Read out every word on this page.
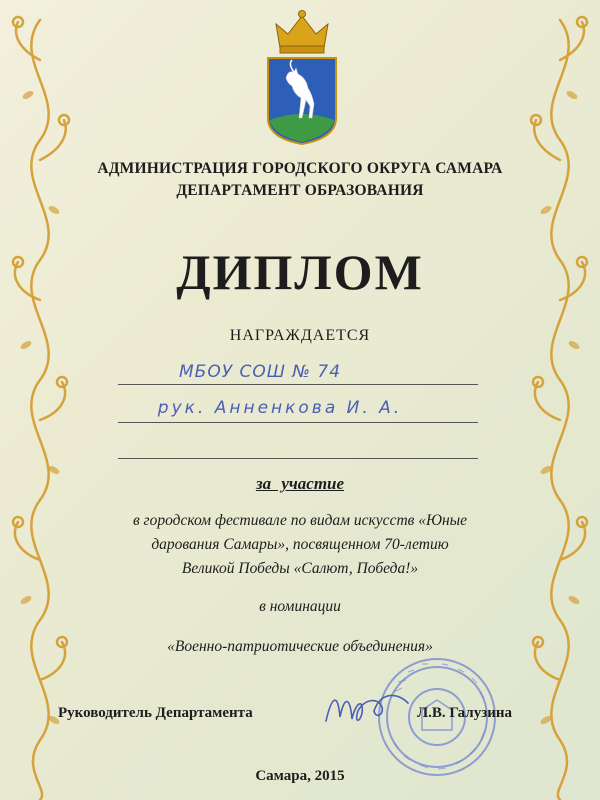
АДМИНИСТРАЦИЯ ГОРОДСКОГО ОКРУГА САМАРА
ДЕПАРТАМЕНТ ОБРАЗОВАНИЯ
ДИПЛОМ
НАГРАЖДАЕТСЯ
МБОУ СОШ № 74
рук. Анненкова И. А.
за участие
в городском фестивале по видам искусств «Юные
дарования Самары», посвященном 70-летию
Великой Победы «Салют, Победа!»
в номинации
«Военно-патриотические объединения»
Руководитель Департамента	Л.В. Галузина
Самара, 2015
